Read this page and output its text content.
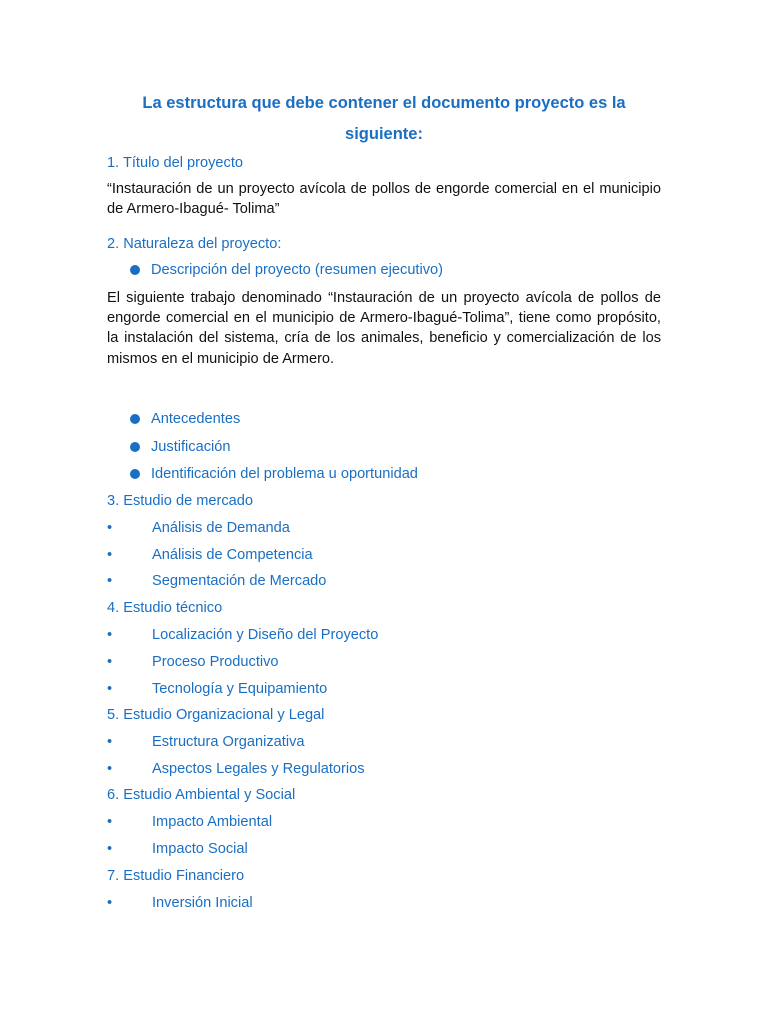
La estructura que debe contener el documento proyecto es la siguiente:

1. Título del proyecto

“Instauración de un proyecto avícola de pollos de engorde comercial en el municipio de Armero-Ibagué- Tolima”

2. Naturaleza del proyecto:

Descripción del proyecto (resumen ejecutivo)

El siguiente trabajo denominado “Instauración de un proyecto avícola de pollos de engorde comercial en el municipio de Armero-Ibagué-Tolima”, tiene como propósito, la instalación del sistema, cría de los animales, beneficio y comercialización de los mismos en el municipio de Armero.

Antecedentes
Justificación
Identificación del problema u oportunidad

3. Estudio de mercado

•	Análisis de Demanda
•	Análisis de Competencia
•	Segmentación de Mercado

4. Estudio técnico

•	Localización y Diseño del Proyecto
•	Proceso Productivo
•	Tecnología y Equipamiento

5. Estudio Organizacional y Legal

•	Estructura Organizativa
•	Aspectos Legales y Regulatorios

6. Estudio Ambiental y Social

•	Impacto Ambiental
•	Impacto Social

7. Estudio Financiero

•	Inversión Inicial
